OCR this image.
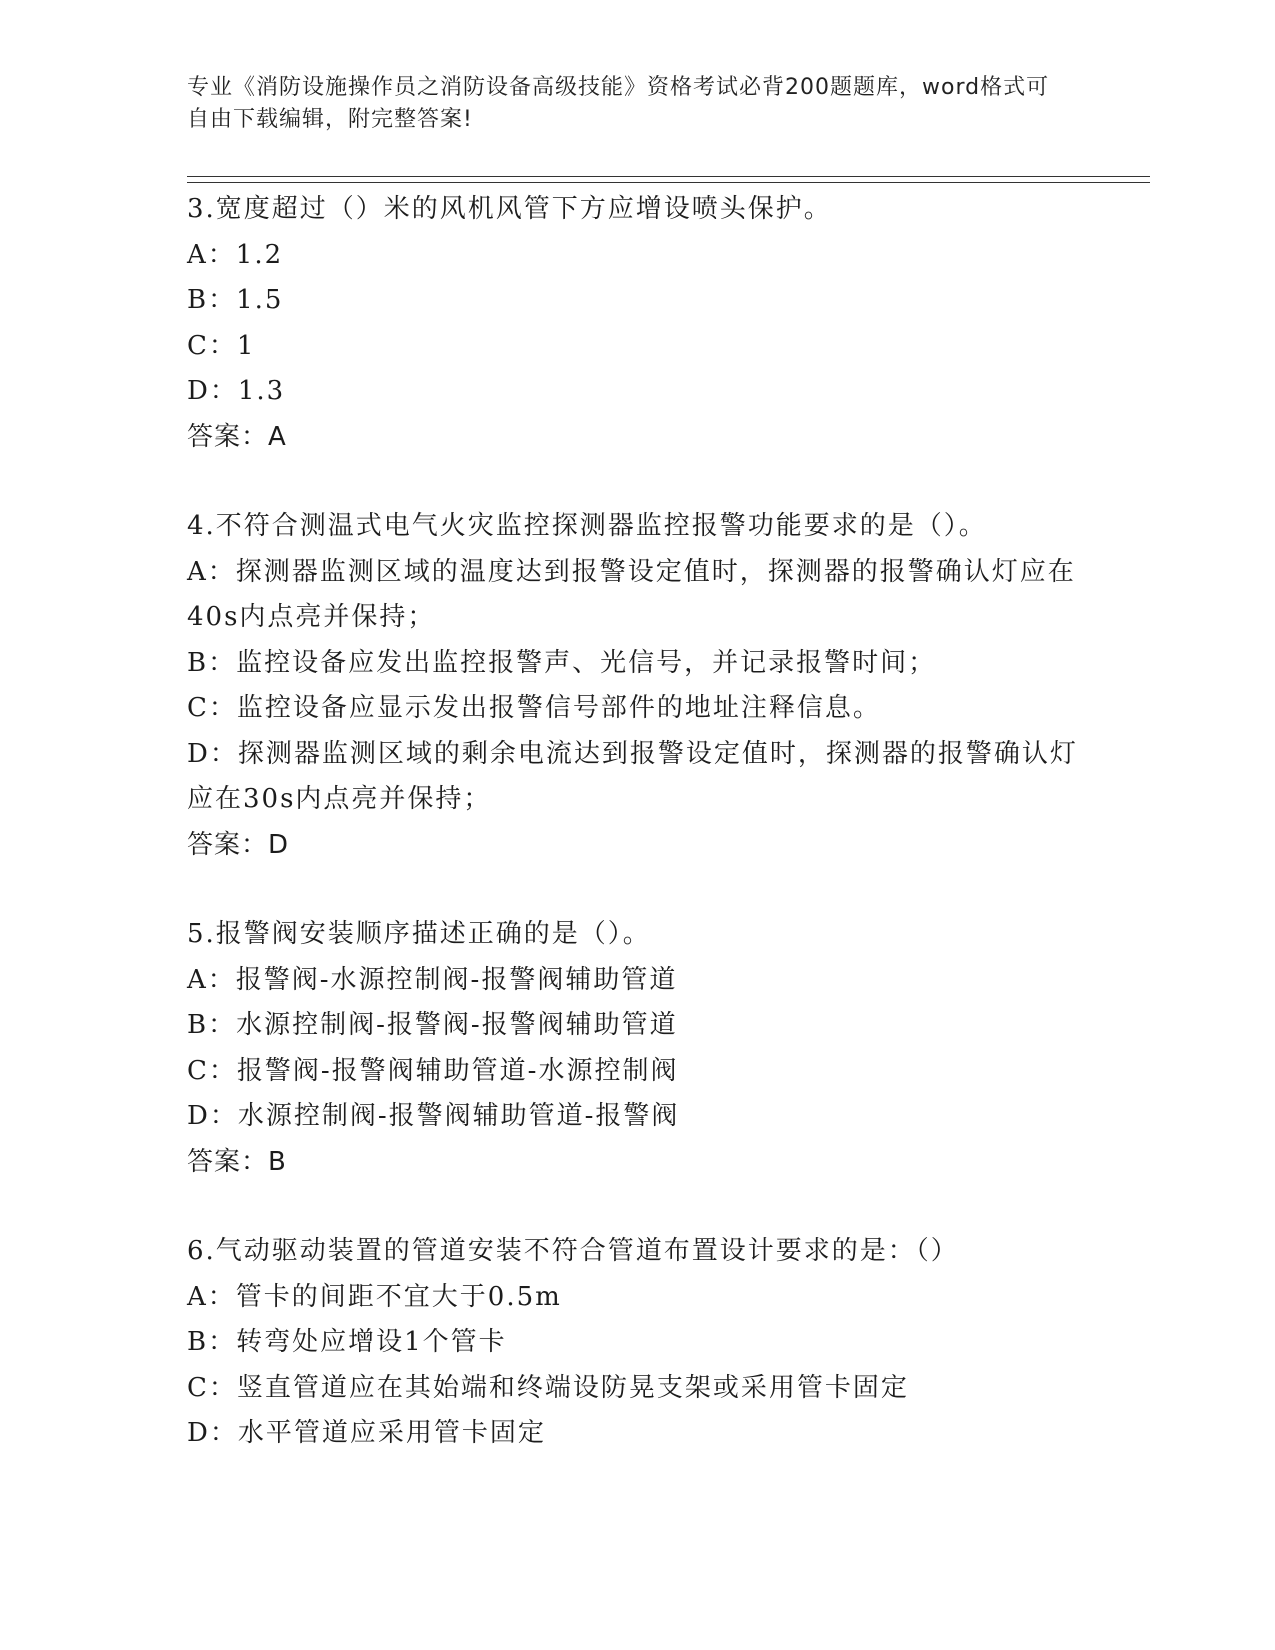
专业《消防设施操作员之消防设备高级技能》资格考试必背200题题库，word格式可自由下载编辑，附完整答案!
3.宽度超过（）米的风机风管下方应增设喷头保护。
A：1.2
B：1.5
C：1
D：1.3
答案：A
4.不符合测温式电气火灾监控探测器监控报警功能要求的是（）。
A：探测器监测区域的温度达到报警设定值时，探测器的报警确认灯应在40s内点亮并保持；
B：监控设备应发出监控报警声、光信号，并记录报警时间；
C：监控设备应显示发出报警信号部件的地址注释信息。
D：探测器监测区域的剩余电流达到报警设定值时，探测器的报警确认灯应在30s内点亮并保持；
答案：D
5.报警阀安装顺序描述正确的是（）。
A：报警阀-水源控制阀-报警阀辅助管道
B：水源控制阀-报警阀-报警阀辅助管道
C：报警阀-报警阀辅助管道-水源控制阀
D：水源控制阀-报警阀辅助管道-报警阀
答案：B
6.气动驱动装置的管道安装不符合管道布置设计要求的是：（）
A：管卡的间距不宜大于0.5m
B：转弯处应增设1个管卡
C：竖直管道应在其始端和终端设防晃支架或采用管卡固定
D：水平管道应采用管卡固定
